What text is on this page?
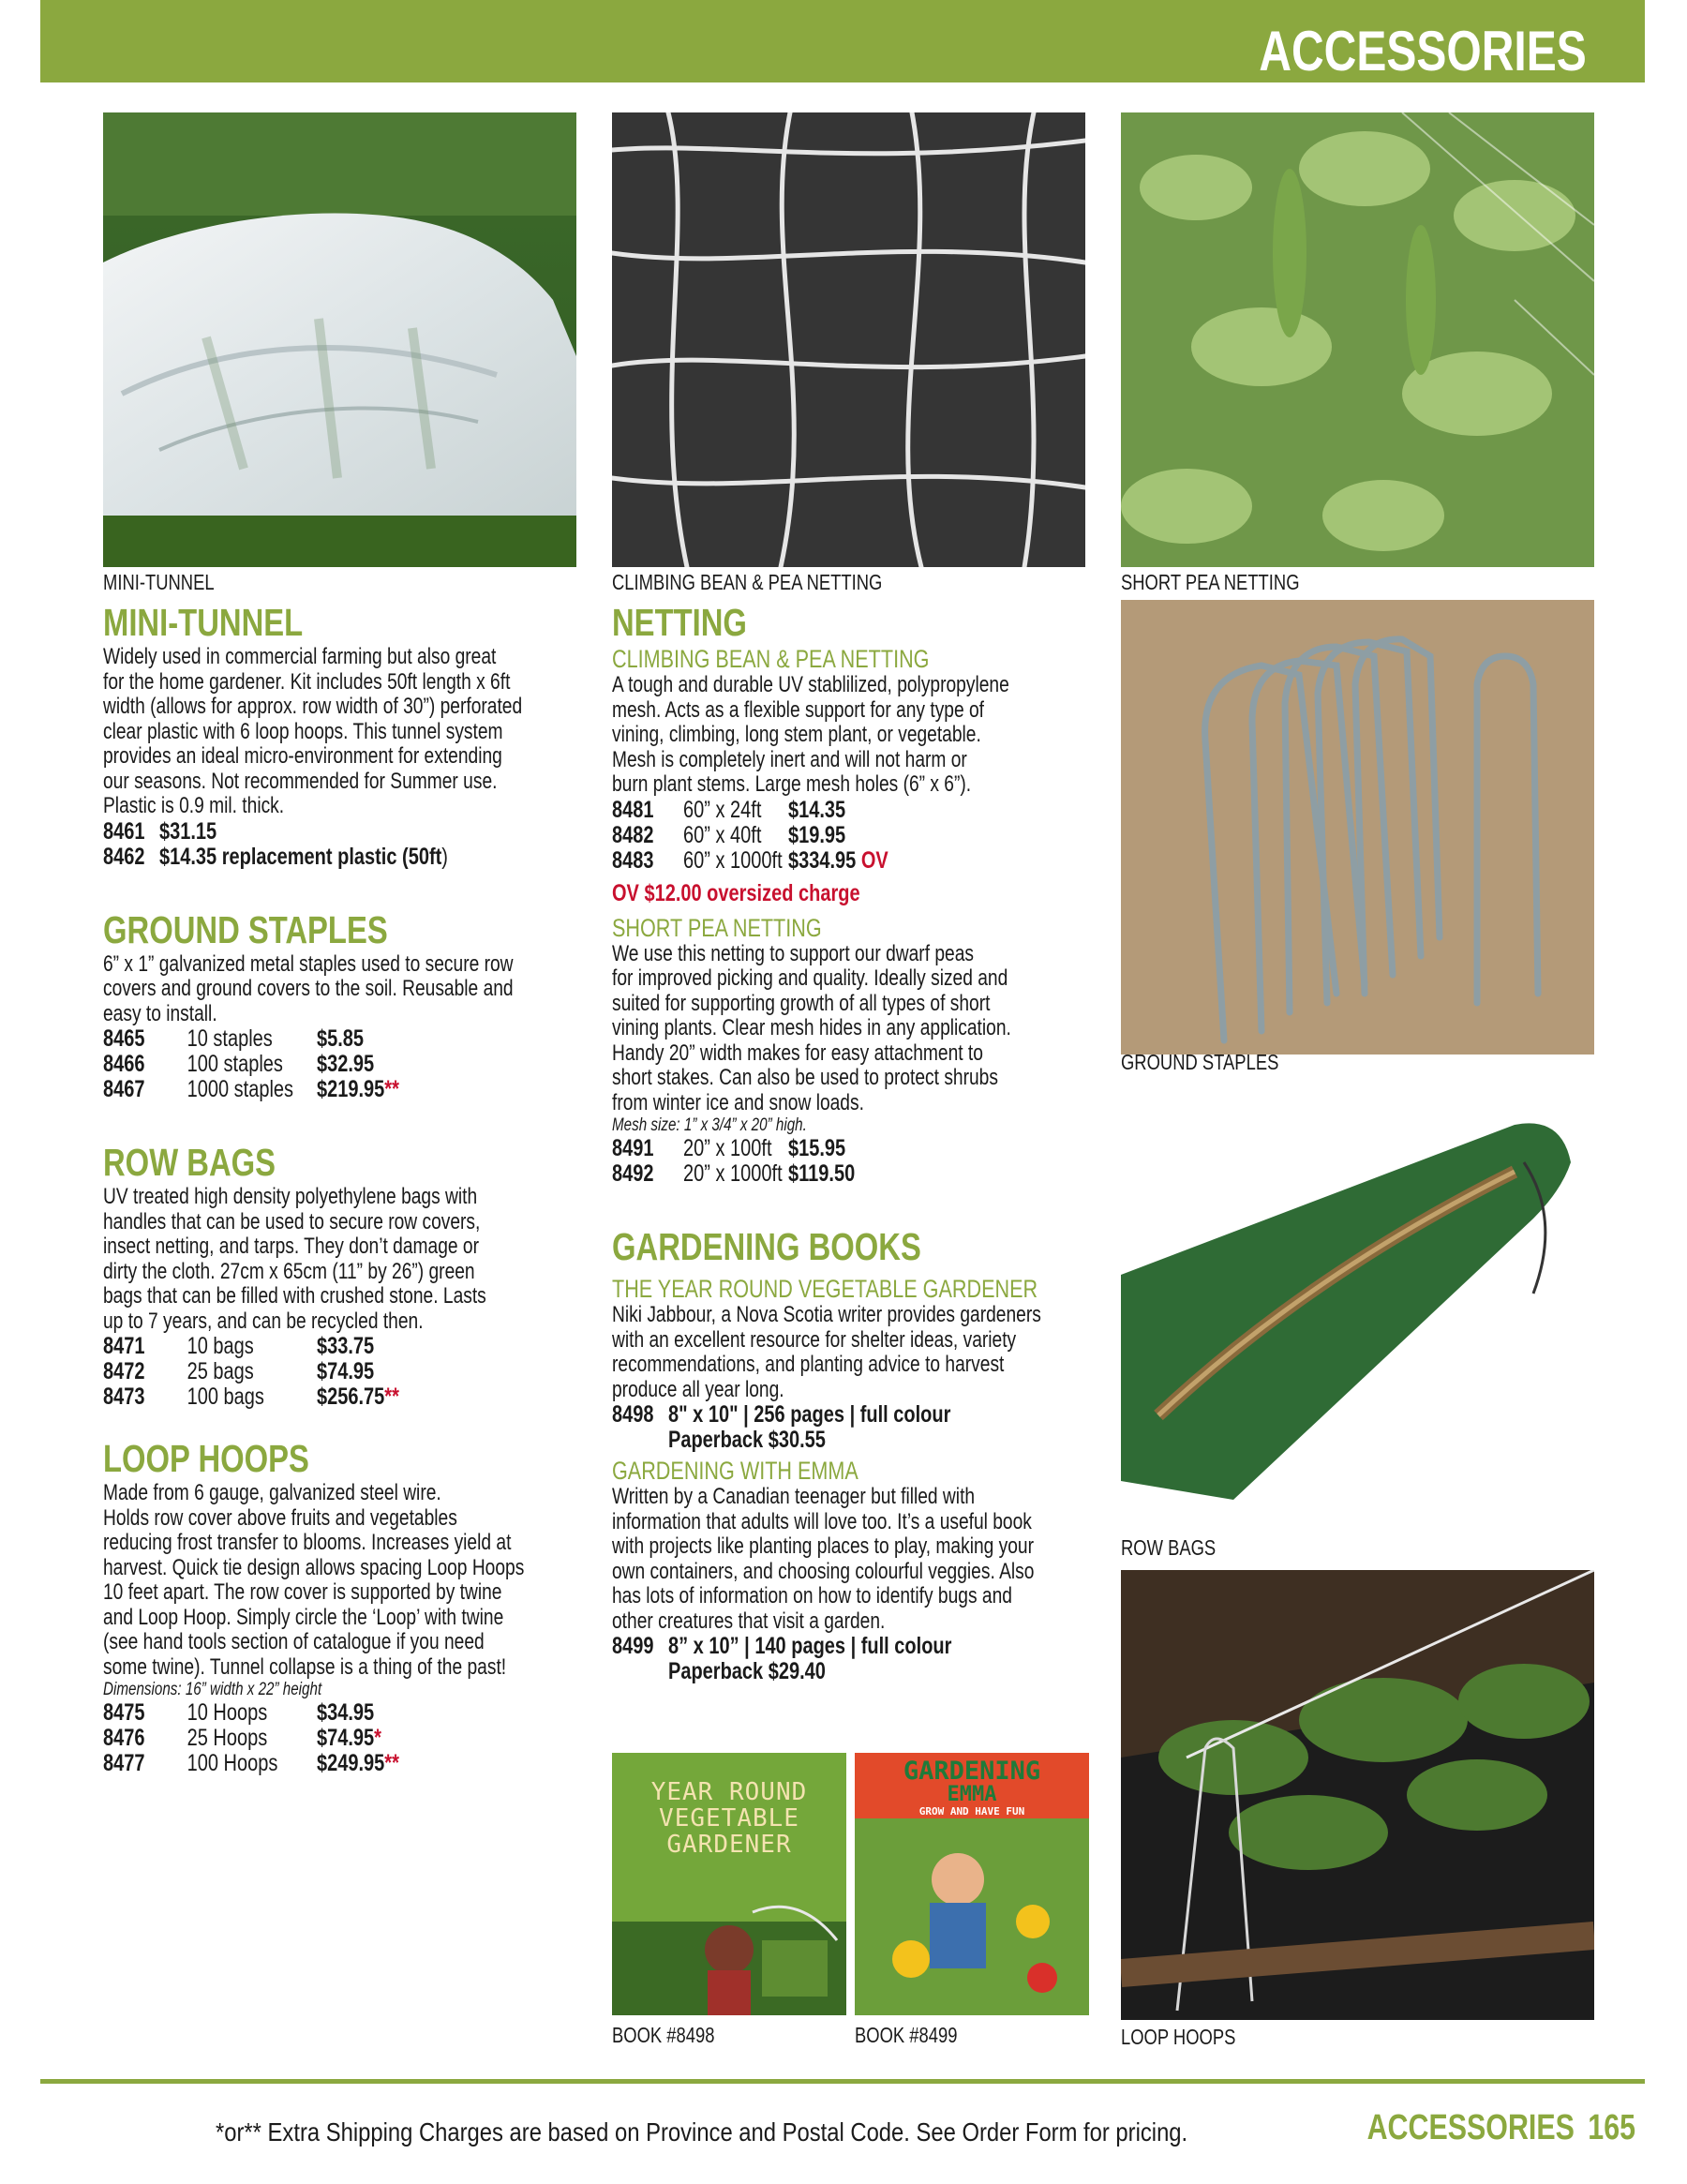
ACCESSORIES
MINI-TUNNEL	CLIMBING BEAN & PEA NETTING	SHORT PEA NETTING
GROUND STAPLES
ROW BAGS
BOOK #8498	BOOK #8499	LOOP HOOPS
MINI-TUNNEL
Widely used in commercial farming but also great
for the home gardener. Kit includes 50ft length x 6ft
width (allows for approx. row width of 30”) perforated
clear plastic with 6 loop hoops. This tunnel system
provides an ideal micro-environment for extending
our seasons. Not recommended for Summer use.
Plastic is 0.9 mil. thick.
8461 $31.15
8462 $14.35 replacement plastic (50ft)
GROUND STAPLES
6” x 1” galvanized metal staples used to secure row
covers and ground covers to the soil. Reusable and
easy to install.
8465 10 staples $5.85
8466 100 staples $32.95
8467 1000 staples $219.95**
ROW BAGS
UV treated high density polyethylene bags with
handles that can be used to secure row covers,
insect netting, and tarps. They don’t damage or
dirty the cloth. 27cm x 65cm (11” by 26”) green
bags that can be filled with crushed stone. Lasts
up to 7 years, and can be recycled then.
8471 10 bags	$33.75
8472 25 bags	$74.95
8473 100 bags $256.75**
LOOP HOOPS
Made from 6 gauge, galvanized steel wire.
Holds row cover above fruits and vegetables
reducing frost transfer to blooms. Increases yield at
harvest. Quick tie design allows spacing Loop Hoops
10 feet apart. The row cover is supported by twine
and Loop Hoop. Simply circle the ‘Loop’ with twine
(see hand tools section of catalogue if you need
some twine). Tunnel collapse is a thing of the past!
Dimensions: 16” width x 22” height
8475 10 Hoops $34.95
8476 25 Hoops $74.95*
8477 100 Hoops $249.95**
NETTING
CLIMBING BEAN & PEA NETTING
A tough and durable UV stablilized, polypropylene
mesh. Acts as a flexible support for any type of
vining, climbing, long stem plant, or vegetable.
Mesh is completely inert and will not harm or
burn plant stems. Large mesh holes (6” x 6”).
8481 60” x 24ft $14.35
8482 60” x 40ft $19.95
8483 60” x 1000ft $334.95 OV
OV $12.00 oversized charge
SHORT PEA NETTING
We use this netting to support our dwarf peas
for improved picking and quality. Ideally sized and
suited for supporting growth of all types of short
vining plants. Clear mesh hides in any application.
Handy 20” width makes for easy attachment to
short stakes. Can also be used to protect shrubs
from winter ice and snow loads.
Mesh size: 1” x 3/4” x 20” high.
8491 20” x 100ft $15.95
8492 20” x 1000ft $119.50
GARDENING BOOKS
THE YEAR ROUND VEGETABLE GARDENER
Niki Jabbour, a Nova Scotia writer provides gardeners
with an excellent resource for shelter ideas, variety
recommendations, and planting advice to harvest
produce all year long.
8498 8" x 10" | 256 pages | full colour
Paperback $30.55
GARDENING WITH EMMA
Written by a Canadian teenager but filled with
information that adults will love too. It’s a useful book
with projects like planting places to play, making your
own containers, and choosing colourful veggies. Also
has lots of information on how to identify bugs and
other creatures that visit a garden.
8499 8” x 10” | 140 pages | full colour
Paperback $29.40
YEAR ROUND
VEGETABLE
GARDENER
GARDENING
EMMA
GROW AND HAVE FUN
*or** Extra Shipping Charges are based on Province and Postal Code. See Order Form for pricing.	ACCESSORIES 165
